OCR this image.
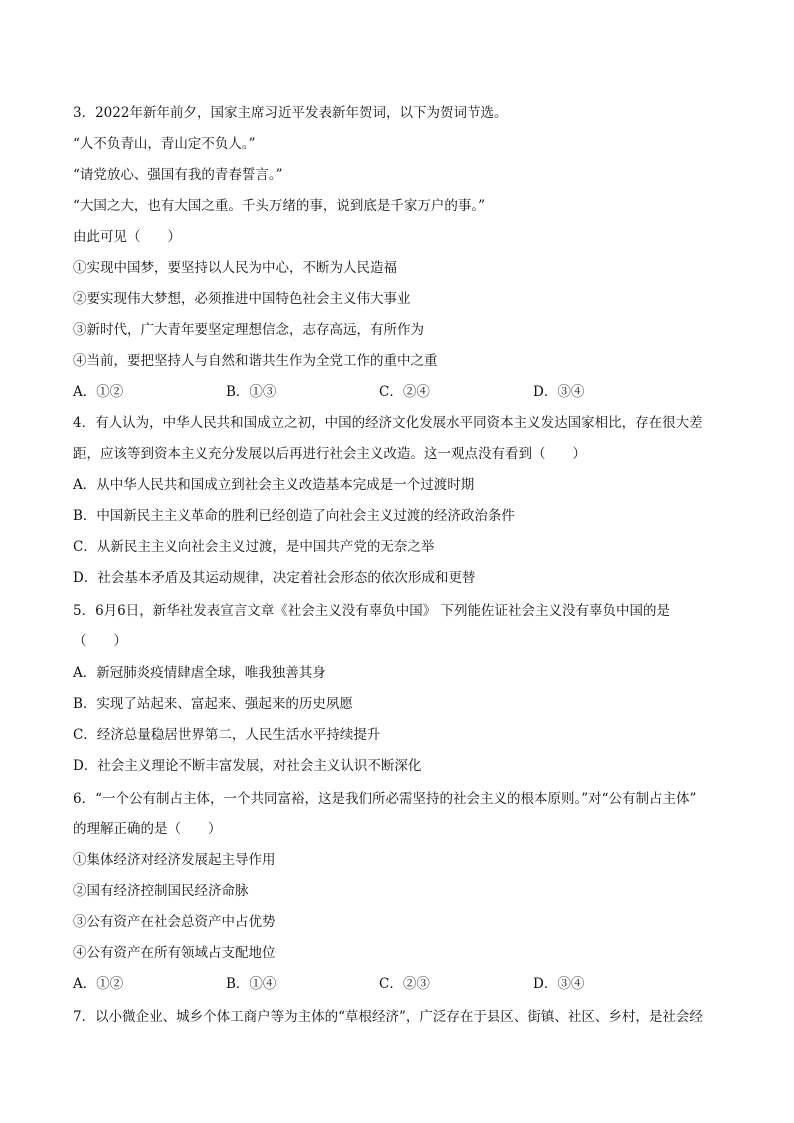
3．2022年新年前夕，国家主席习近平发表新年贺词，以下为贺词节选。
“人不负青山，青山定不负人。”
“请党放心、强国有我的青春誓言。”
“大国之大，也有大国之重。千头万绪的事，说到底是千家万户的事。”
由此可见（　　）
①实现中国梦，要坚持以人民为中心，不断为人民造福
②要实现伟大梦想，必须推进中国特色社会主义伟大事业
③新时代，广大青年要坚定理想信念，志存高远，有所作为
④当前，要把坚持人与自然和谐共生作为全党工作的重中之重
A．①②	B．①③	C．②④	D．③④
4．有人认为，中华人民共和国成立之初，中国的经济文化发展水平同资本主义发达国家相比，存在很大差
距，应该等到资本主义充分发展以后再进行社会主义改造。这一观点没有看到（　　）
A．从中华人民共和国成立到社会主义改造基本完成是一个过渡时期
B．中国新民主主义革命的胜利已经创造了向社会主义过渡的经济政治条件
C．从新民主主义向社会主义过渡，是中国共产党的无奈之举
D．社会基本矛盾及其运动规律，决定着社会形态的依次形成和更替
5．6月6日，新华社发表宣言文章《社会主义没有辜负中国》 下列能佐证社会主义没有辜负中国的是
（　　）
A．新冠肺炎疫情肆虐全球，唯我独善其身
B．实现了站起来、富起来、强起来的历史夙愿
C．经济总量稳居世界第二，人民生活水平持续提升
D．社会主义理论不断丰富发展，对社会主义认识不断深化
6．“一个公有制占主体，一个共同富裕，这是我们所必需坚持的社会主义的根本原则。”对“公有制占主体”
的理解正确的是（　　）
①集体经济对经济发展起主导作用
②国有经济控制国民经济命脉
③公有资产在社会总资产中占优势
④公有资产在所有领域占支配地位
A．①②	B．①④	C．②③	D．③④
7．以小微企业、城乡个体工商户等为主体的“草根经济”，广泛存在于县区、街镇、社区、乡村，是社会经
